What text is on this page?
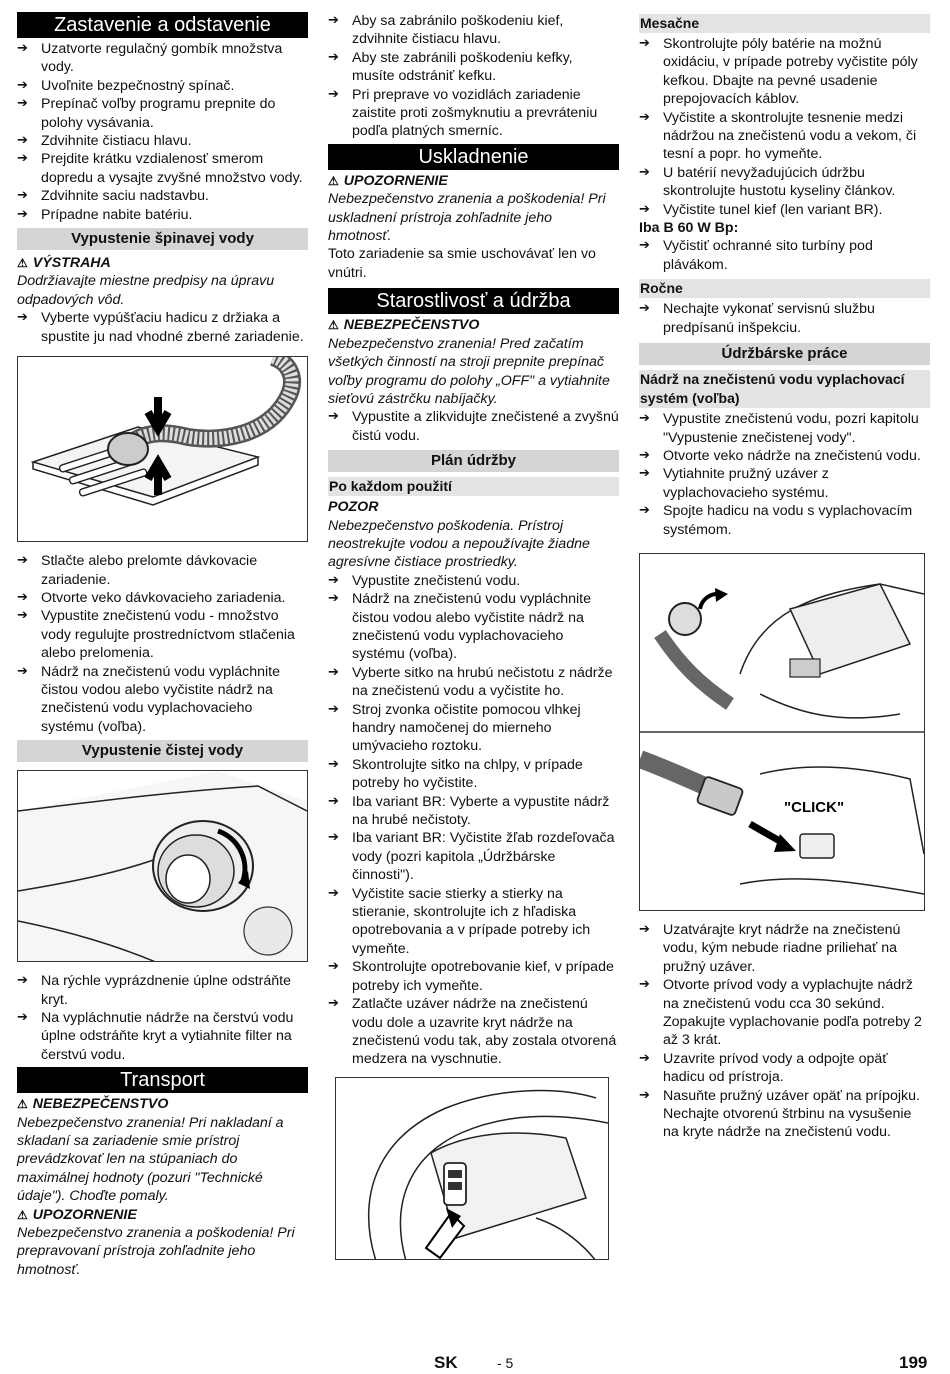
Zastavenie a odstavenie
➔ Uzatvorte regulačný gombík množstva vody.
➔ Uvoľnite bezpečnostný spínač.
➔ Prepínač voľby programu prepnite do polohy vysávania.
➔ Zdvihnite čistiacu hlavu.
➔ Prejdite krátku vzdialenosť smerom dopredu a vysajte zvyšné množstvo vody.
➔ Zdvihnite saciu nadstavbu.
➔ Prípadne nabite batériu.
Vypustenie špinavej vody
⚠ VÝSTRAHA
Dodržiavajte miestne predpisy na úpravu odpadových vôd.
➔ Vyberte vypúšťaciu hadicu z držiaka a spustite ju nad vhodné zberné zariadenie.
➔ Stlačte alebo prelomte dávkovacie zariadenie.
➔ Otvorte veko dávkovacieho zariadenia.
➔ Vypustite znečistenú vodu - množstvo vody regulujte prostredníctvom stlačenia alebo prelomenia.
➔ Nádrž na znečistenú vodu vypláchnite čistou vodou alebo vyčistite nádrž na znečistenú vodu vyplachovacieho systému (voľba).
Vypustenie čistej vody
➔ Na rýchle vyprázdnenie úplne odstráňte kryt.
➔ Na vypláchnutie nádrže na čerstvú vodu úplne odstráňte kryt a vytiahnite filter na čerstvú vodu.
Transport
⚠ NEBEZPEČENSTVO
Nebezpečenstvo zranenia! Pri nakladaní a skladaní sa zariadenie smie prístroj prevádzkovať len na stúpaniach do maximálnej hodnoty (pozuri "Technické údaje"). Choďte pomaly.
⚠ UPOZORNENIE
Nebezpečenstvo zranenia a poškodenia! Pri prepravovaní prístroja zohľadnite jeho hmotnosť.
➔ Aby sa zabránilo poškodeniu kief, zdvihnite čistiacu hlavu.
➔ Aby ste zabránili poškodeniu kefky, musíte odstrániť kefku.
➔ Pri preprave vo vozidlách zariadenie zaistite proti zošmyknutiu a prevráteniu podľa platných smerníc.
Uskladnenie
⚠ UPOZORNENIE
Nebezpečenstvo zranenia a poškodenia! Pri uskladnení prístroja zohľadnite jeho hmotnosť.
Toto zariadenie sa smie uschovávať len vo vnútri.
Starostlivosť a údržba
⚠ NEBEZPEČENSTVO
Nebezpečenstvo zranenia! Pred začatím všetkých činností na stroji prepnite prepínač voľby programu do polohy „OFF" a vytiahnite sieťovú zástrčku nabíjačky.
➔ Vypustite a zlikvidujte znečistené a zvyšnú čistú vodu.
Plán údržby
Po každom použití
POZOR
Nebezpečenstvo poškodenia. Prístroj neostrekujte vodou a nepoužívajte žiadne agresívne čistiace prostriedky.
➔ Vypustite znečistenú vodu.
➔ Nádrž na znečistenú vodu vypláchnite čistou vodou alebo vyčistite nádrž na znečistenú vodu vyplachovacieho systému (voľba).
➔ Vyberte sitko na hrubú nečistotu z nádrže na znečistenú vodu a vyčistite ho.
➔ Stroj zvonka očistite pomocou vlhkej handry namočenej do mierneho umývacieho roztoku.
➔ Skontrolujte sitko na chlpy, v prípade potreby ho vyčistite.
➔ Iba variant BR: Vyberte a vypustite nádrž na hrubé nečistoty.
➔ Iba variant BR: Vyčistite žľab rozdeľovača vody (pozri kapitola „Údržbárske činnosti").
➔ Vyčistite sacie stierky a stierky na stieranie, skontrolujte ich z hľadiska opotrebovania a v prípade potreby ich vymeňte.
➔ Skontrolujte opotrebovanie kief, v prípade potreby ich vymeňte.
➔ Zatlačte uzáver nádrže na znečistenú vodu dole a uzavrite kryt nádrže na znečistenú vodu tak, aby zostala otvorená medzera na vyschnutie.
Mesačne
➔ Skontrolujte póly batérie na možnú oxidáciu, v prípade potreby vyčistite póly kefkou. Dbajte na pevné usadenie prepojovacích káblov.
➔ Vyčistite a skontrolujte tesnenie medzi nádržou na znečistenú vodu a vekom, či tesní a popr. ho vymeňte.
➔ U batérií nevyžadujúcich údržbu skontrolujte hustotu kyseliny článkov.
➔ Vyčistite tunel kief (len variant BR).
Iba B 60 W Bp:
➔ Vyčistiť ochranné sito turbíny pod plávákom.
Ročne
➔ Nechajte vykonať servisnú službu predpísanú inšpekciu.
Údržbárske práce
Nádrž na znečistenú vodu vyplachovací systém (voľba)
➔ Vypustite znečistenú vodu, pozri kapitolu "Vypustenie znečistenej vody".
➔ Otvorte veko nádrže na znečistenú vodu.
➔ Vytiahnite pružný uzáver z vyplachovacieho systému.
➔ Spojte hadicu na vodu s vyplachovacím systémom.
"CLICK"
➔ Uzatvárajte kryt nádrže na znečistenú vodu, kým nebude riadne priliehať na pružný uzáver.
➔ Otvorte prívod vody a vyplachujte nádrž na znečistenú vodu cca 30 sekúnd. Zopakujte vyplachovanie podľa potreby 2 až 3 krát.
➔ Uzavrite prívod vody a odpojte opäť hadicu od prístroja.
➔ Nasuňte pružný uzáver opäť na prípojku. Nechajte otvorenú štrbinu na vysušenie na kryte nádrže na znečistenú vodu.
SK	- 5	199
